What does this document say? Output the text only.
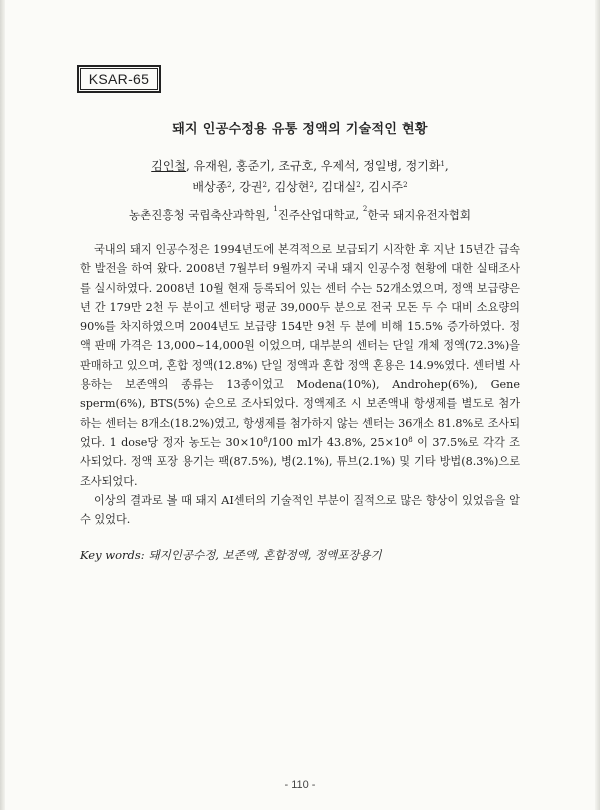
KSAR-65
돼지 인공수정용 유통 정액의 기술적인 현황
김인철, 유재원, 홍준기, 조규호, 우제석, 정일병, 정기화$^1$,
배상종$^2$, 강권$^2$, 김상현$^2$, 김대실$^2$, 김시주$^2$
농촌진흥청 국립축산과학원, $^1$진주산업대학교, $^2$한국 돼지유전자협회

국내의 돼지 인공수정은 1994년도에 본격적으로 보급되기 시작한 후 지난 15년간 급속한 발전을 하여 왔다. 2008년 7월부터 9월까지 국내 돼지 인공수정 현황에 대한 실태조사를 실시하였다. 2008년 10월 현재 등록되어 있는 센터 수는 52개소였으며, 정액 보급량은 년 간 179만 2천 두 분이고 센터당 평균 39,000두 분으로 전국 모돈 두 수 대비 소요량의 90%를 차지하였으며 2004년도 보급량 154만 9천 두 분에 비해 15.5% 증가하였다. 정액 판매 가격은 13,000~14,000원 이었으며, 대부분의 센터는 단일 개체 정액(72.3%)을 판매하고 있으며, 혼합 정액(12.8%) 단일 정액과 혼합 정액 혼용은 14.9%였다. 센터별 사용하는 보존액의 종류는 13종이었고 Modena(10%), Androhep(6%), Gene sperm(6%), BTS(5%) 순으로 조사되었다. 정액제조 시 보존액내 항생제를 별도로 첨가하는 센터는 8개소(18.2%)였고, 항생제를 첨가하지 않는 센터는 36개소 81.8%로 조사되었다. 1 dose당 정자 농도는 $30\times 10^8/100$ ml가 43.8%, $25\times 10^8$ 이 37.5%로 각각 조사되었다. 정액 포장 용기는 팩(87.5%), 병(2.1%), 튜브(2.1%) 및 기타 방법(8.3%)으로 조사되었다.

이상의 결과로 볼 때 돼지 AI센터의 기술적인 부분이 질적으로 많은 향상이 있었음을 알 수 있었다.

Key words: 돼지인공수정, 보존액, 혼합정액, 정액포장용기
- 110 -
